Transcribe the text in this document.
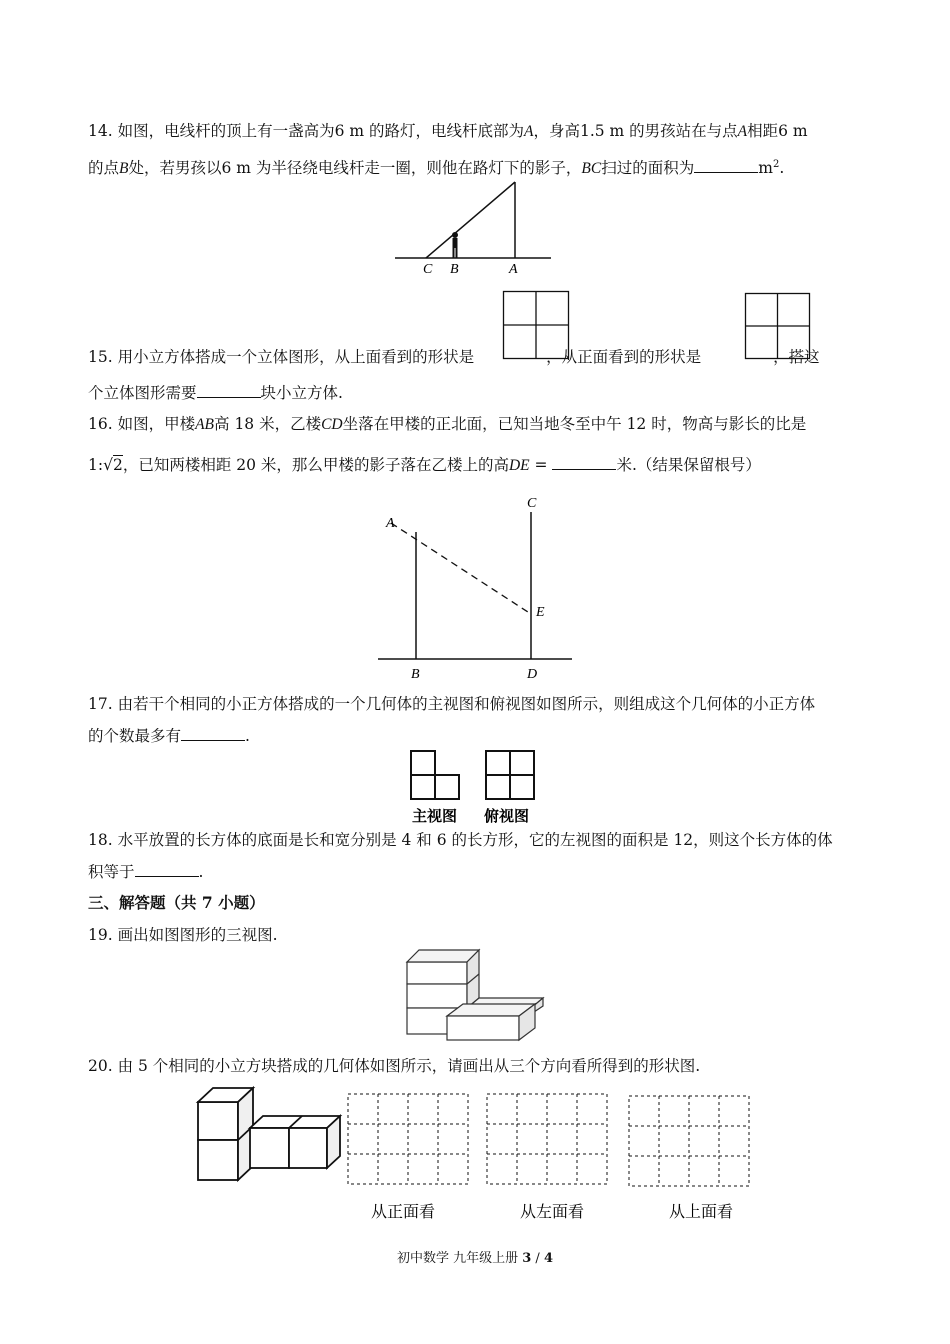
14. 如图，电线杆的顶上有一盏高为6 m 的路灯，电线杆底部为A，身高1.5 m 的男孩站在与点A相距6 m
的点B处，若男孩以6 m 为半径绕电线杆走一圈，则他在路灯下的影子，BC扫过的面积为	$m^2$.
C B	A
15. 用小立方体搭成一个立体图形，从上面看到的形状是	，从正面看到的形状是	，搭这
个立体图形需要	块小立方体.
16. 如图，甲楼AB高 18 米，乙楼CD坐落在甲楼的正北面，已知当地冬至中午 12 时，物高与影长的比是
1:√2，已知两楼相距 20 米，那么甲楼的影子落在乙楼上的高DE =	米.（结果保留根号）
A
B
C
D
E
17. 由若干个相同的小正方体搭成的一个几何体的主视图和俯视图如图所示，则组成这个几何体的小正方体
的个数最多有	.
主视图 俯视图
18. 水平放置的长方体的底面是长和宽分别是 4 和 6 的长方形，它的左视图的面积是 12，则这个长方体的体
积等于	.
三、解答题（共 7 小题）
19. 画出如图图形的三视图.
20. 由 5 个相同的小立方块搭成的几何体如图所示，请画出从三个方向看所得到的形状图.
从正面看	从左面看	从上面看
初中数学 九年级上册 3 / 4
